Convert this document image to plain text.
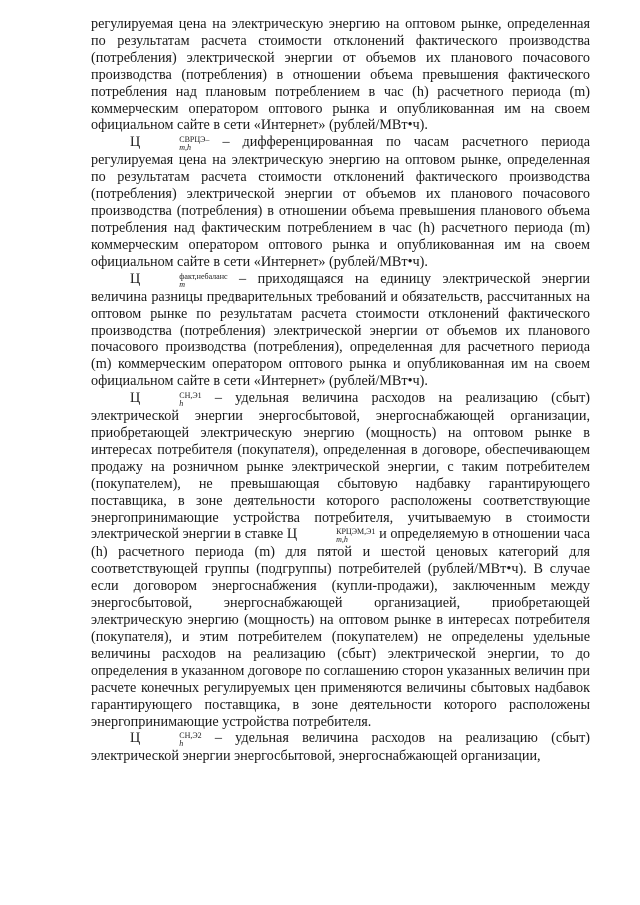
регулируемая цена на электрическую энергию на оптовом рынке, определенная по результатам расчета стоимости отклонений фактического производства (потребления) электрической энергии от объемов их планового почасового производства (потребления) в отношении объема превышения фактического потребления над плановым потреблением в час (h) расчетного периода (m) коммерческим оператором оптового рынка и опубликованная им на своем официальном сайте в сети «Интернет» (рублей/МВт•ч).

Ц	СВРЦЭ–
m,h	– дифференцированная по часам расчетного периода регулируемая цена на электрическую энергию на оптовом рынке, определенная по результатам расчета стоимости отклонений фактического производства (потребления) электрической энергии от объемов их планового почасового производства (потребления) в отношении объема превышения планового объема потребления над фактическим потреблением в час (h) расчетного периода (m) коммерческим оператором оптового рынка и опубликованная им на своем официальном сайте в сети «Интернет» (рублей/МВт•ч).

Ц	факт,небаланс
m	– приходящаяся на единицу электрической энергии величина разницы предварительных требований и обязательств, рассчитанных на оптовом рынке по результатам расчета стоимости отклонений фактического производства (потребления) электрической энергии от объемов их планового почасового производства (потребления), определенная для расчетного периода (m) коммерческим оператором оптового рынка и опубликованная им на своем официальном сайте в сети «Интернет» (рублей/МВт•ч).

Ц	СН,Э1
h	– удельная величина расходов на реализацию (сбыт) электрической энергии энергосбытовой, энергоснабжающей организации, приобретающей электрическую энергию (мощность) на оптовом рынке в интересах потребителя (покупателя), определенная в договоре, обеспечивающем продажу на розничном рынке электрической энергии, с таким потребителем (покупателем), не превышающая сбытовую надбавку гарантирующего поставщика, в зоне деятельности которого расположены соответствующие энергопринимающие устройства потребителя, учитываемую в стоимости электрической энергии в ставке Ц	КРЦЭМ,Э1
m,h	и определяемую в отношении часа (h) расчетного периода (m) для пятой и шестой ценовых категорий для соответствующей группы (подгруппы) потребителей (рублей/МВт•ч). В случае если договором энергоснабжения (купли-продажи), заключенным между энергосбытовой, энергоснабжающей организацией, приобретающей электрическую энергию (мощность) на оптовом рынке в интересах потребителя (покупателя), и этим потребителем (покупателем) не определены удельные величины расходов на реализацию (сбыт) электрической энергии, то до определения в указанном договоре по соглашению сторон указанных величин при расчете конечных регулируемых цен применяются величины сбытовых надбавок гарантирующего поставщика, в зоне деятельности которого расположены энергопринимающие устройства потребителя.

Ц	СН,Э2
h	– удельная величина расходов на реализацию (сбыт) электрической энергии энергосбытовой, энергоснабжающей организации,
